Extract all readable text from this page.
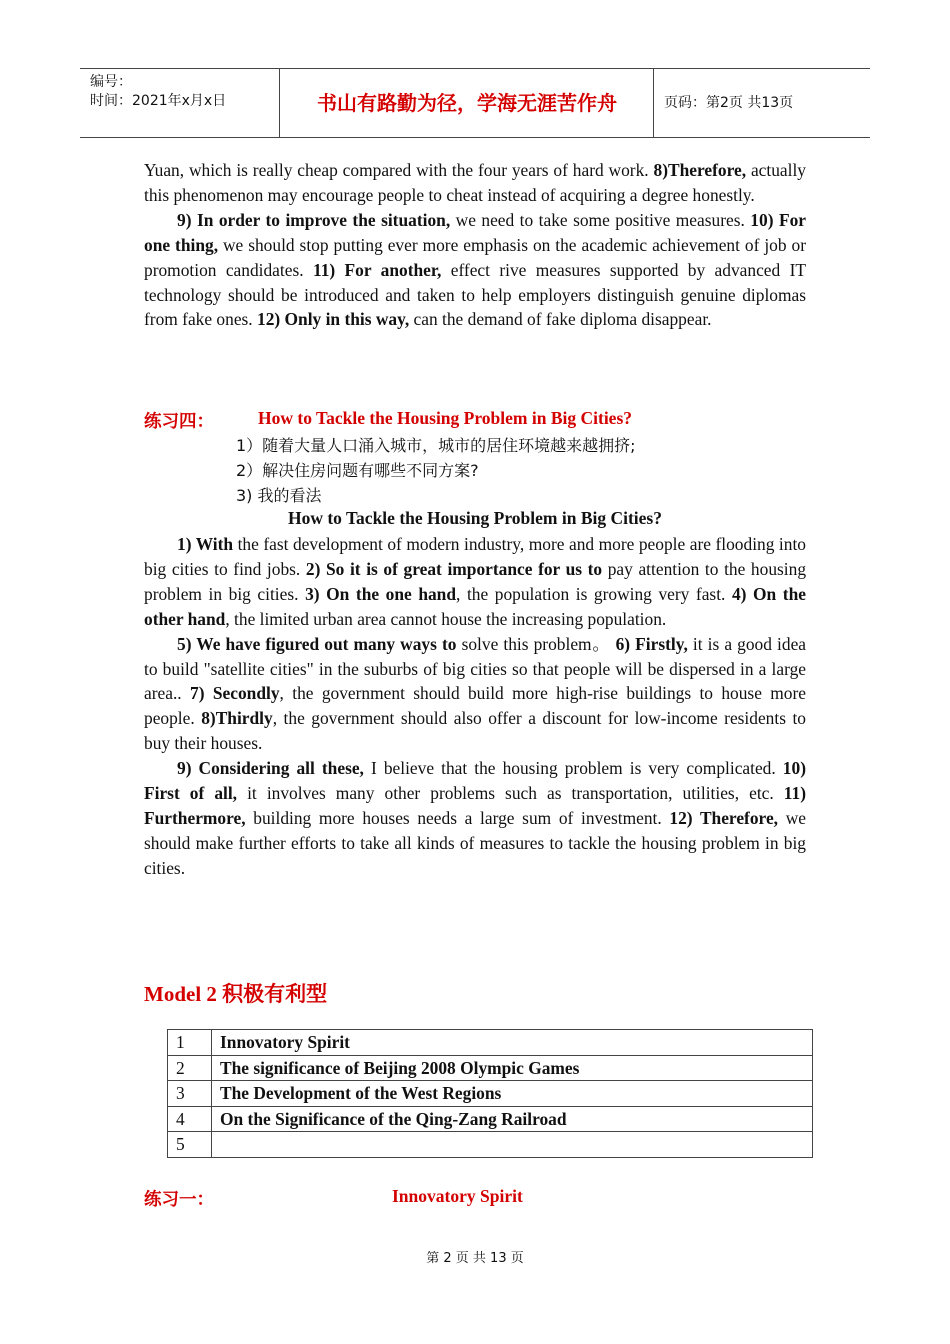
编号：
时间：2021年x月x日	书山有路勤为径，学海无涯苦作舟	页码：第2页 共13页

Yuan, which is really cheap compared with the four years of hard work. 8)Therefore, actually this phenomenon may encourage people to cheat instead of acquiring a degree honestly.

9) In order to improve the situation, we need to take some positive measures. 10) For one thing, we should stop putting ever more emphasis on the academic achievement of job or promotion candidates. 11) For another, effect rive measures supported by advanced IT technology should be introduced and taken to help employers distinguish genuine diplomas from fake ones. 12) Only in this way, can the demand of fake diploma disappear.

练习四：	How to Tackle the Housing Problem in Big Cities?
1）随着大量人口涌入城市，城市的居住环境越来越拥挤;
2）解决住房问题有哪些不同方案?
3) 我的看法
How to Tackle the Housing Problem in Big Cities?

1) With the fast development of modern industry, more and more people are flooding into big cities to find jobs. 2) So it is of great importance for us to pay attention to the housing problem in big cities. 3) On the one hand, the population is growing very fast. 4) On the other hand, the limited urban area cannot house the increasing population.

5) We have figured out many ways to solve this problem。 6) Firstly, it is a good idea to build "satellite cities" in the suburbs of big cities so that people will be dispersed in a large area.. 7) Secondly, the government should build more high-rise buildings to house more people. 8)Thirdly, the government should also offer a discount for low-income residents to buy their houses.

9) Considering all these, I believe that the housing problem is very complicated. 10) First of all, it involves many other problems such as transportation, utilities, etc. 11) Furthermore, building more houses needs a large sum of investment. 12) Therefore, we should make further efforts to take all kinds of measures to tackle the housing problem in big cities.

Model 2 积极有利型
1	Innovatory Spirit
2	The significance of Beijing 2008 Olympic Games
3	The Development of the West Regions
4	On the Significance of the Qing-Zang Railroad
5	
练习一：	Innovatory Spirit
第 2 页 共 13 页
